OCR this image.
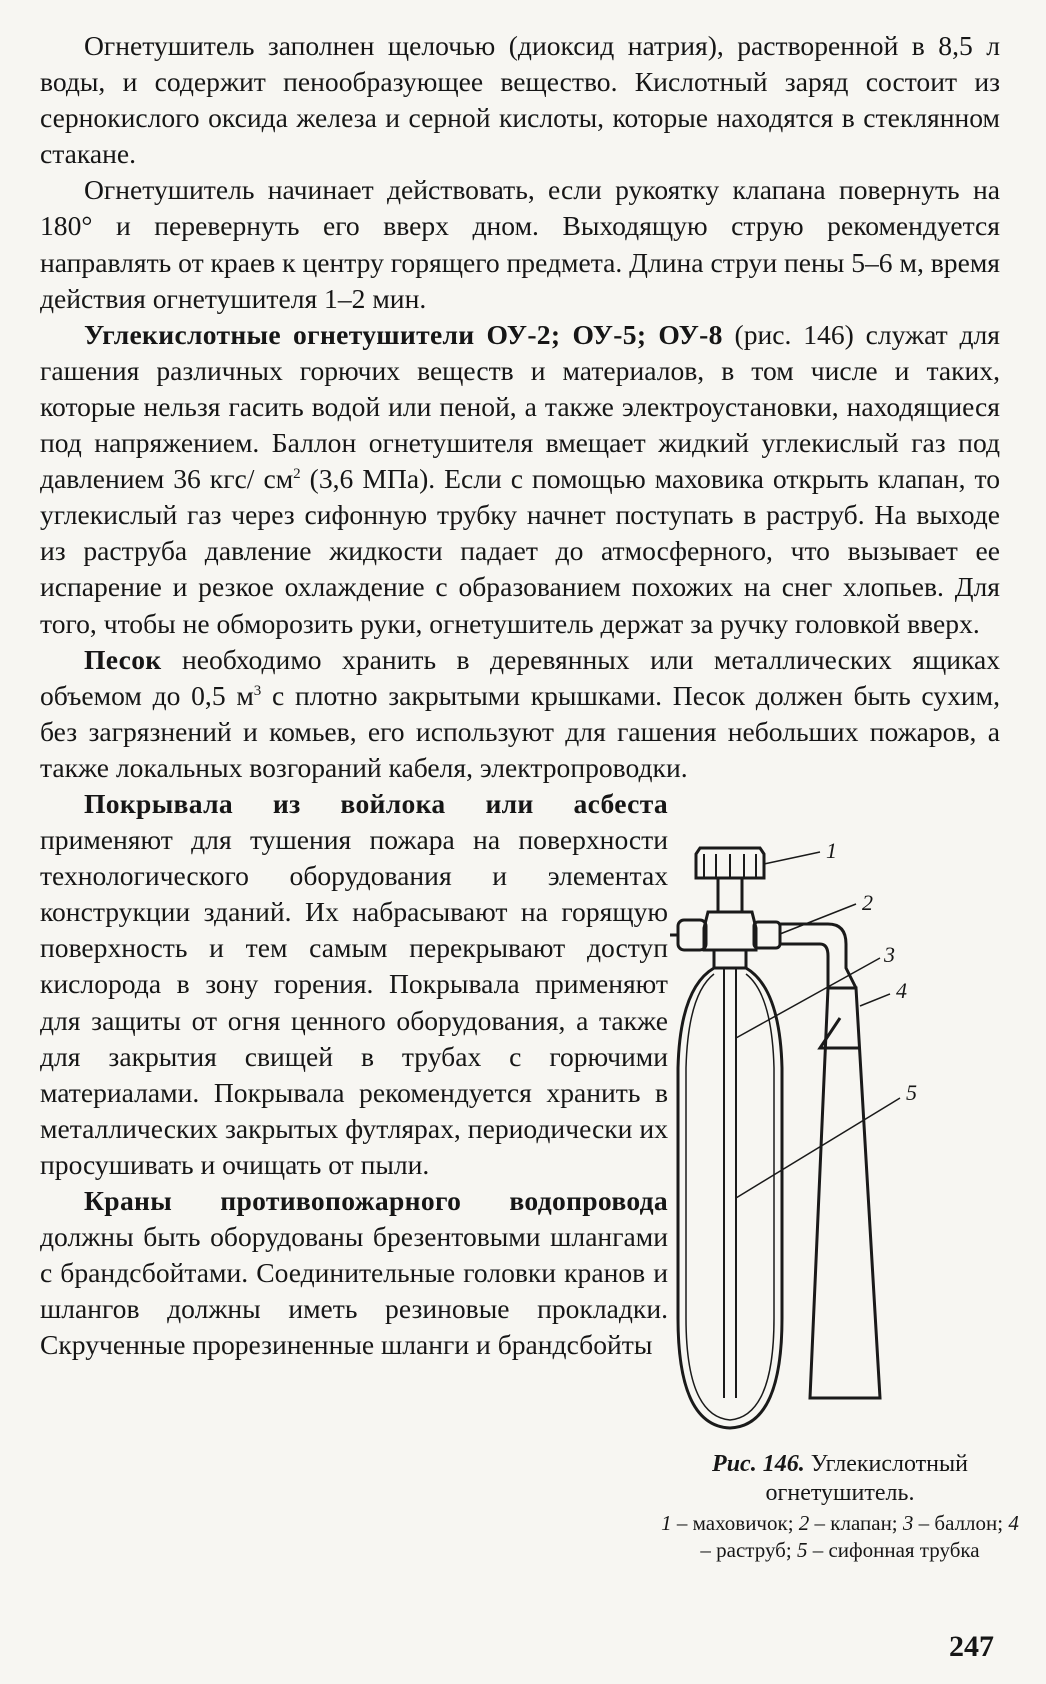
Огнетушитель заполнен щелочью (диоксид натрия), растворенной в 8,5 л воды, и содержит пенообразующее вещество. Кислотный заряд состоит из сернокислого оксида железа и серной кислоты, которые находятся в стеклянном стакане.

Огнетушитель начинает действовать, если рукоятку клапана повернуть на 180° и перевернуть его вверх дном. Выходящую струю рекомендуется направлять от краев к центру горящего предмета. Длина струи пены 5–6 м, время действия огнетушителя 1–2 мин.

Углекислотные огнетушители ОУ-2; ОУ-5; ОУ-8 (рис. 146) служат для гашения различных горючих веществ и материалов, в том числе и таких, которые нельзя гасить водой или пеной, а также электроустановки, находящиеся под напряжением. Баллон огнетушителя вмещает жидкий углекислый газ под давлением 36 кгс/ $см^2$ (3,6 МПа). Если с помощью маховика открыть клапан, то углекислый газ через сифонную трубку начнет поступать в раструб. На выходе из раструба давление жидкости падает до атмосферного, что вызывает ее испарение и резкое охлаждение с образованием похожих на снег хлопьев. Для того, чтобы не обморозить руки, огнетушитель держат за ручку головкой вверх.

Песок необходимо хранить в деревянных или металлических ящиках объемом до 0,5 $м^3$ с плотно закрытыми крышками. Песок должен быть сухим, без загрязнений и комьев, его используют для гашения небольших пожаров, а также локальных возгораний кабеля, электропроводки.

Покрывала из войлока или асбеста применяют для тушения пожара на поверхности технологического оборудования и элементах конструкции зданий. Их набрасывают на горящую поверхность и тем самым перекрывают доступ кислорода в зону горения. Покрывала применяют для защиты от огня ценного оборудования, а также для закрытия свищей в трубах с горючими материалами. Покрывала рекомендуется хранить в металлических закрытых футлярах, периодически их просушивать и очищать от пыли.

Краны противопожарного водопровода должны быть оборудованы брезентовыми шлангами с брандсбойтами. Соединительные головки кранов и шлангов должны иметь резиновые прокладки. Скрученные прорезиненные шланги и брандсбойты

1
2
3
4
5
Рис. 146. Углекислотный огнетушитель.
1 – маховичок; 2 – клапан; 3 – баллон; 4 – раструб; 5 – сифонная трубка
247
